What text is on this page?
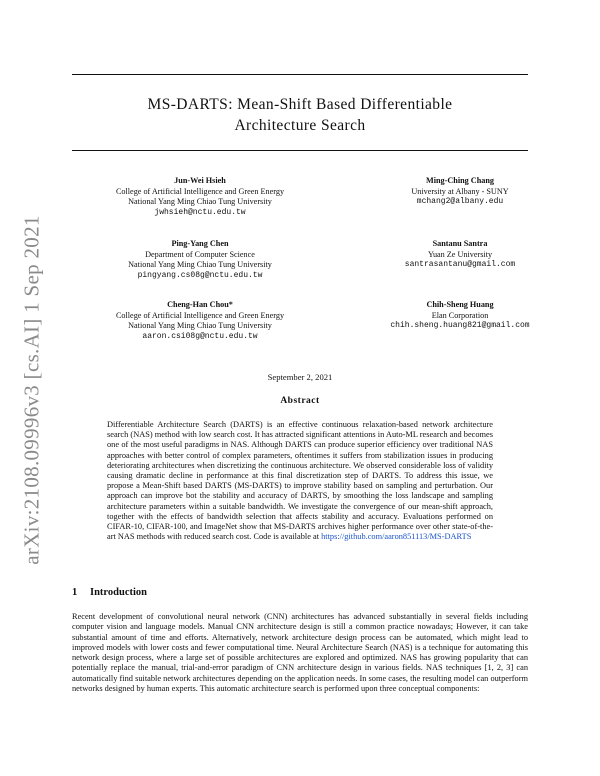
arXiv:2108.09996v3 [cs.AI] 1 Sep 2021
MS-DARTS: Mean-Shift Based Differentiable
Architecture Search
Jun-Wei Hsieh
College of Artificial Intelligence and Green Energy
National Yang Ming Chiao Tung University
jwhsieh@nctu.edu.tw
Ming-Ching Chang
University at Albany - SUNY
mchang2@albany.edu
Ping-Yang Chen
Department of Computer Science
National Yang Ming Chiao Tung University
pingyang.cs08g@nctu.edu.tw
Santanu Santra
Yuan Ze University
santrasantanu@gmail.com
Cheng-Han Chou*
College of Artificial Intelligence and Green Energy
National Yang Ming Chiao Tung University
aaron.csi08g@nctu.edu.tw
Chih-Sheng Huang
Elan Corporation
chih.sheng.huang821@gmail.com
September 2, 2021
Abstract
Differentiable Architecture Search (DARTS) is an effective continuous relaxation-based network architecture search (NAS) method with low search cost. It has attracted significant attentions in Auto-ML research and becomes one of the most useful paradigms in NAS. Although DARTS can produce superior efficiency over traditional NAS approaches with better control of complex parameters, oftentimes it suffers from stabilization issues in producing deteriorating architectures when discretizing the continuous architecture. We observed considerable loss of validity causing dramatic decline in performance at this final discretization step of DARTS. To address this issue, we propose a Mean-Shift based DARTS (MS-DARTS) to improve stability based on sampling and perturbation. Our approach can improve bot the stability and accuracy of DARTS, by smoothing the loss landscape and sampling architecture parameters within a suitable bandwidth. We investigate the convergence of our mean-shift approach, together with the effects of bandwidth selection that affects stability and accuracy. Evaluations performed on CIFAR-10, CIFAR-100, and ImageNet show that MS-DARTS archives higher performance over other state-of-the-art NAS methods with reduced search cost. Code is available at https://github.com/aaron851113/MS-DARTS
1 Introduction
Recent development of convolutional neural network (CNN) architectures has advanced substantially in several fields including computer vision and language models. Manual CNN architecture design is still a common practice nowadays; However, it can take substantial amount of time and efforts. Alternatively, network architecture design process can be automated, which might lead to improved models with lower costs and fewer computational time. Neural Architecture Search (NAS) is a technique for automating this network design process, where a large set of possible architectures are explored and optimized. NAS has growing popularity that can potentially replace the manual, trial-and-error paradigm of CNN architecture design in various fields. NAS techniques [1, 2, 3] can automatically find suitable network architectures depending on the application needs. In some cases, the resulting model can outperform networks designed by human experts. This automatic architecture search is performed upon three conceptual components:
